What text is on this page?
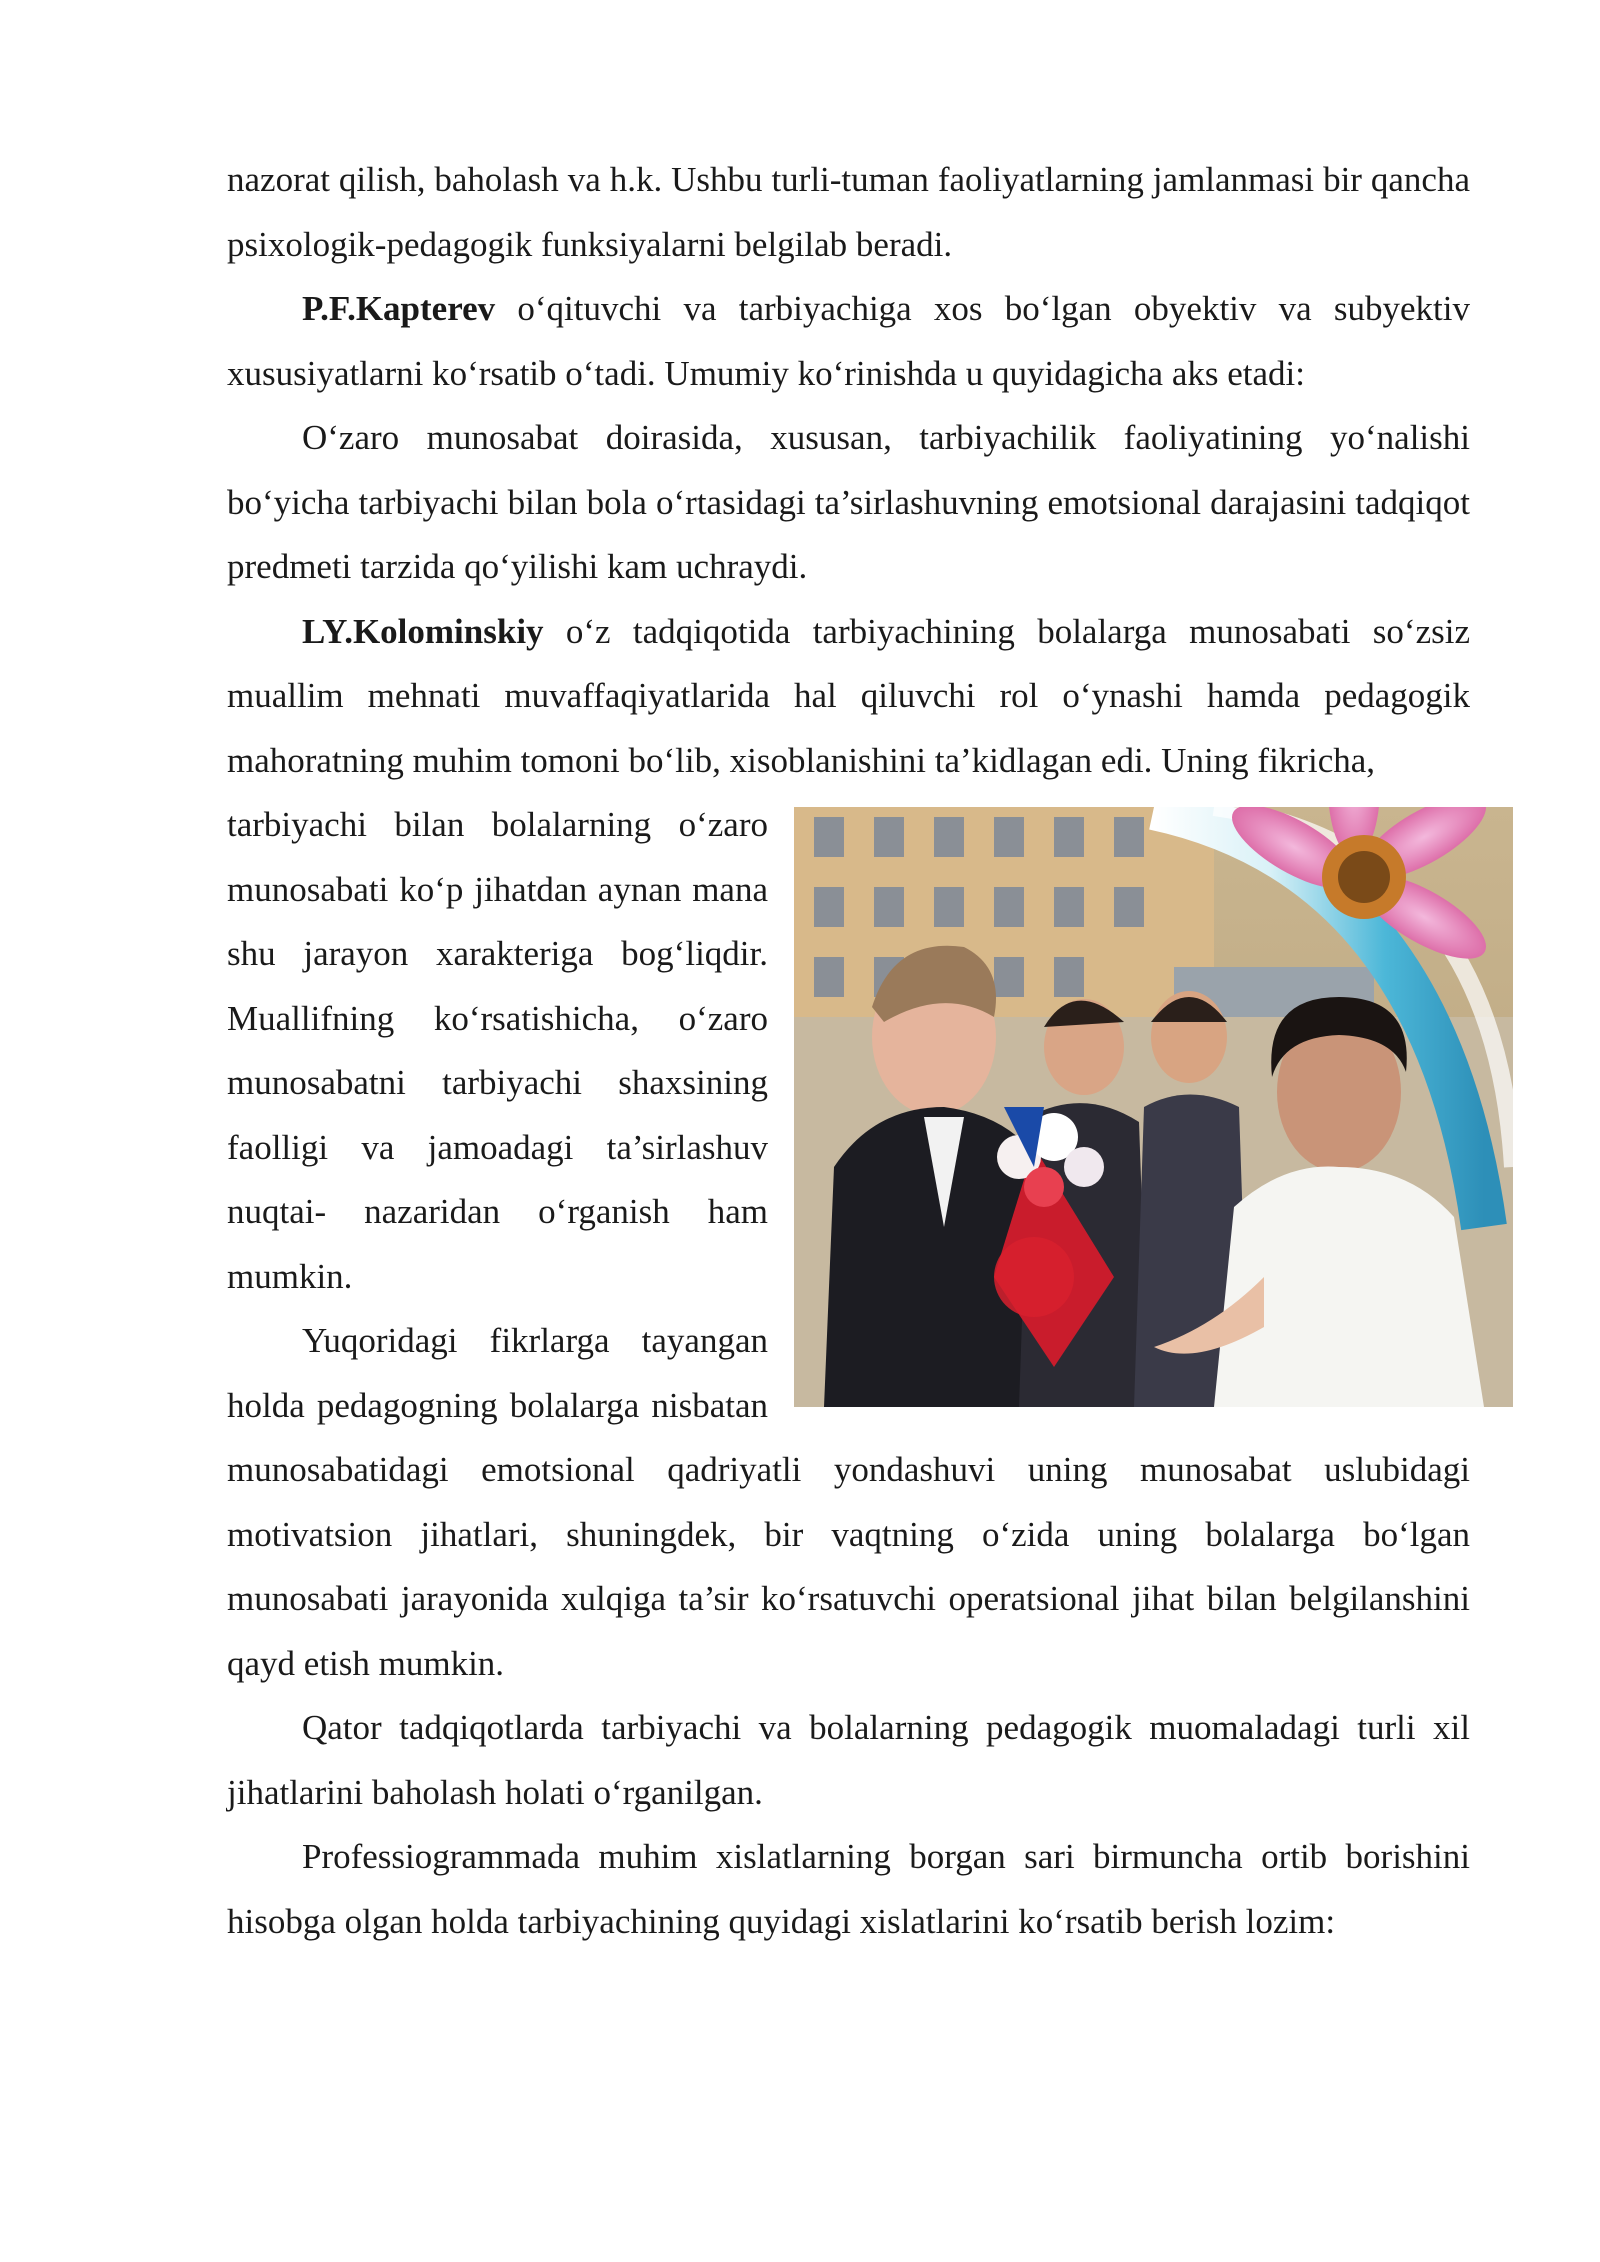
nazorat qilish, baholash va h.k. Ushbu turli-tuman faoliyatlarning jamlanmasi bir qancha psixologik-pedagogik funksiyalarni belgilab beradi.

P.F.Kapterev o‘qituvchi va tarbiyachiga xos bo‘lgan obyektiv va subyektiv xususiyatlarni ko‘rsatib o‘tadi. Umumiy ko‘rinishda u quyidagicha aks etadi:

O‘zaro munosabat doirasida, xususan, tarbiyachilik faoliyatining yo‘nalishi bo‘yicha tarbiyachi bilan bola o‘rtasidagi ta’sirlashuvning emotsional darajasini tadqiqot predmeti tarzida qo‘yilishi kam uchraydi.

LY.Kolominskiy o‘z tadqiqotida tarbiyachining bolalarga munosabati so‘zsiz muallim mehnati muvaffaqiyatlarida hal qiluvchi rol o‘ynashi hamda pedagogik mahoratning muhim tomoni bo‘lib, xisoblanishini ta’kidlagan edi. Uning fikricha,

tarbiyachi bilan bolalarning o‘zaro munosabati ko‘p jihatdan aynan mana shu jarayon xarakteriga bog‘liqdir. Muallifning ko‘rsatishicha, o‘zaro munosabatni tarbiyachi shaxsining faolligi va jamoadagi ta’sirlashuv nuqtai- nazaridan o‘rganish ham mumkin.

Yuqoridagi fikrlarga tayangan holda pedagogning bolalarga nisbatan munosabatidagi emotsional qadriyatli yondashuvi uning munosabat uslubidagi motivatsion jihatlari, shuningdek, bir vaqtning o‘zida uning bolalarga bo‘lgan munosabati jarayonida xulqiga ta’sir ko‘rsatuvchi operatsional jihat bilan belgilanshini qayd etish mumkin.

Qator tadqiqotlarda tarbiyachi va bolalarning pedagogik muomaladagi turli xil jihatlarini baholash holati o‘rganilgan.

Professiogrammada muhim xislatlarning borgan sari birmuncha ortib borishini hisobga olgan holda tarbiyachining quyidagi xislatlarini ko‘rsatib berish lozim:
